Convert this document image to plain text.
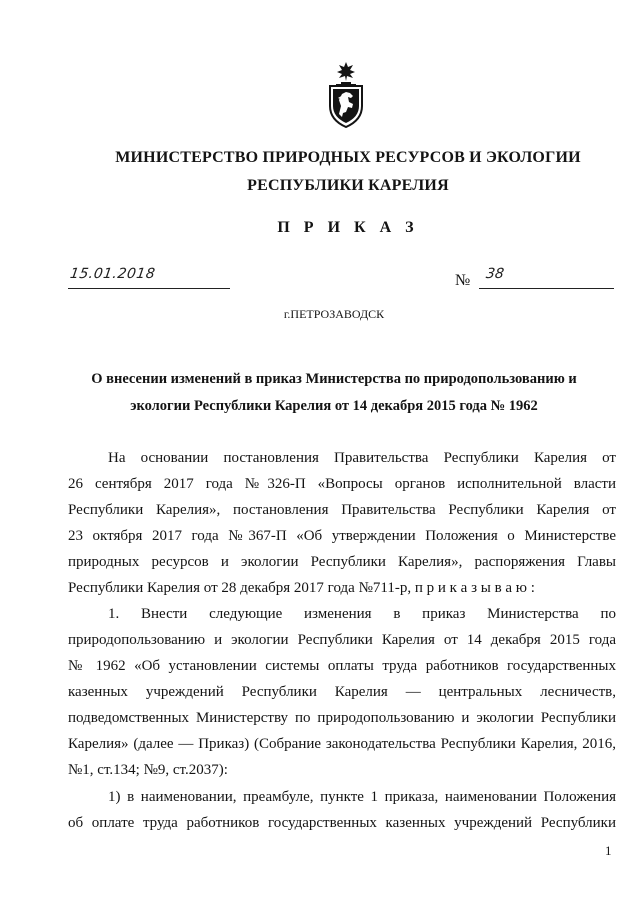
МИНИСТЕРСТВО ПРИРОДНЫХ РЕСУРСОВ И ЭКОЛОГИИ
РЕСПУБЛИКИ КАРЕЛИЯ
П Р И К А З
15.01.2018	№ 38
г.ПЕТРОЗАВОДСК
О внесении изменений в приказ Министерства по природопользованию и
экологии Республики Карелия от 14 декабря 2015 года № 1962
На основании постановления Правительства Республики Карелия от
26 сентября 2017 года №326-П «Вопросы органов исполнительной власти
Республики Карелия», постановления Правительства Республики Карелия от
23 октября 2017 года №367-П «Об утверждении Положения о Министерстве
природных ресурсов и экологии Республики Карелия», распоряжения Главы
Республики Карелия от 28 декабря 2017 года №711-р, п р и к а з ы в а ю :
1. Внести следующие изменения в приказ Министерства по
природопользованию и экологии Республики Карелия от 14 декабря 2015 года
№ 1962 «Об установлении системы оплаты труда работников государственных
казенных учреждений Республики Карелия — центральных лесничеств,
подведомственных Министерству по природопользованию и экологии Республики
Карелия» (далее — Приказ) (Собрание законодательства Республики Карелия, 2016,
№1, ст.134; №9, ст.2037):
1) в наименовании, преамбуле, пункте 1 приказа, наименовании Положения
об оплате труда работников государственных казенных учреждений Республики
1
